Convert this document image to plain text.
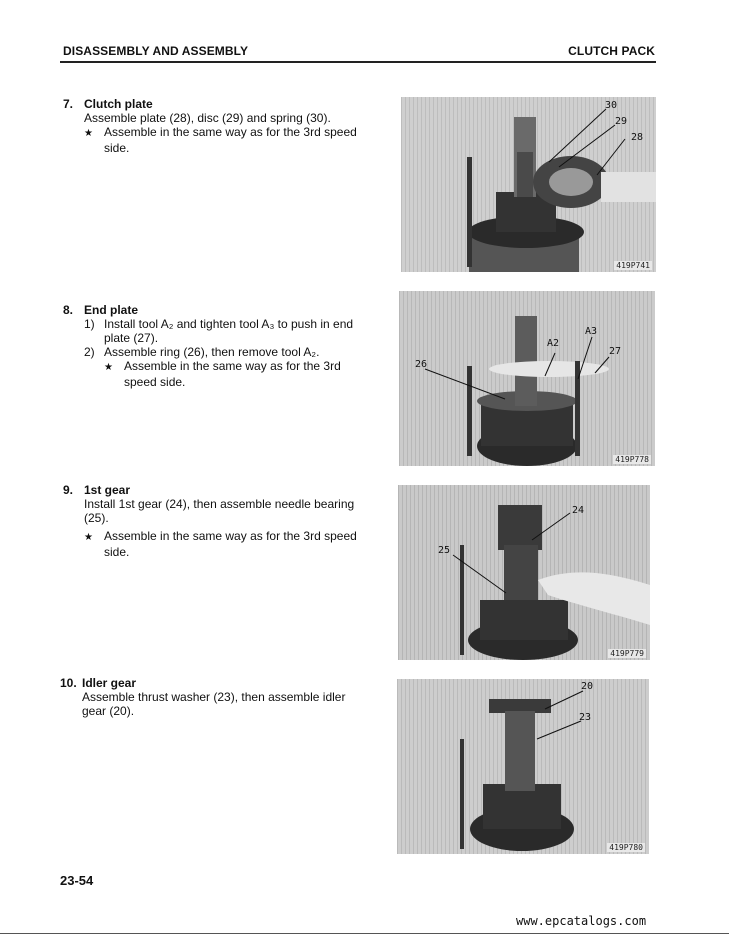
DISASSEMBLY AND ASSEMBLY	CLUTCH PACK
7. Clutch plate
Assemble plate (28), disc (29) and spring (30).
★ Assemble in the same way as for the 3rd speed
side.
8. End plate
1) Install tool A₂ and tighten tool A₃ to push in end
plate (27).
2) Assemble ring (26), then remove tool A₂.
★ Assemble in the same way as for the 3rd
speed side.
9. 1st gear
Install 1st gear (24), then assemble needle bearing
(25).
★ Assemble in the same way as for the 3rd speed
side.
10. Idler gear
Assemble thrust washer (23), then assemble idler
gear (20).
30
29
28
419P741
A3
A2
27
26
419P778
24
25
419P779
20
23
419P780
23-54
www.epcatalogs.com
